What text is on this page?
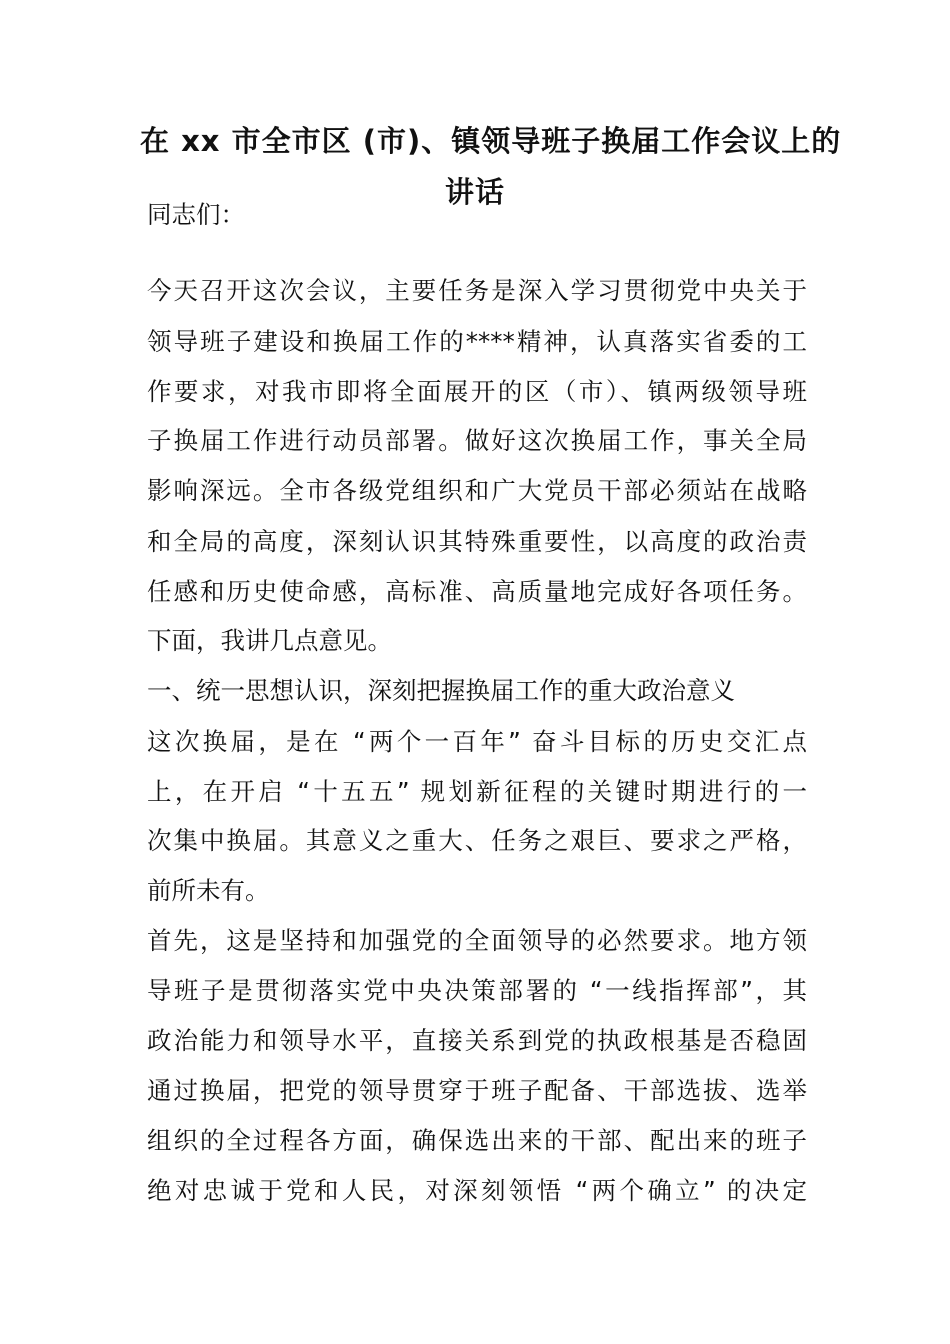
在 xx 市全市区 (市)、镇领导班子换届工作会议上的
讲话
同志们：
今天召开这次会议，主要任务是深入学习贯彻党中央关于
领导班子建设和换届工作的****精神，认真落实省委的工
作要求，对我市即将全面展开的区（市）、镇两级领导班
子换届工作进行动员部署。做好这次换届工作，事关全局
影响深远。全市各级党组织和广大党员干部必须站在战略
和全局的高度，深刻认识其特殊重要性，以高度的政治责
任感和历史使命感，高标准、高质量地完成好各项任务。
下面，我讲几点意见。
一、统一思想认识，深刻把握换届工作的重大政治意义
这次换届，是在 “两个一百年” 奋斗目标的历史交汇点
上，在开启 “十五五” 规划新征程的关键时期进行的一
次集中换届。其意义之重大、任务之艰巨、要求之严格，
前所未有。
首先，这是坚持和加强党的全面领导的必然要求。地方领
导班子是贯彻落实党中央决策部署的 “一线指挥部”，其
政治能力和领导水平，直接关系到党的执政根基是否稳固
通过换届，把党的领导贯穿于班子配备、干部选拔、选举
组织的全过程各方面，确保选出来的干部、配出来的班子
绝对忠诚于党和人民，对深刻领悟 “两个确立” 的决定
